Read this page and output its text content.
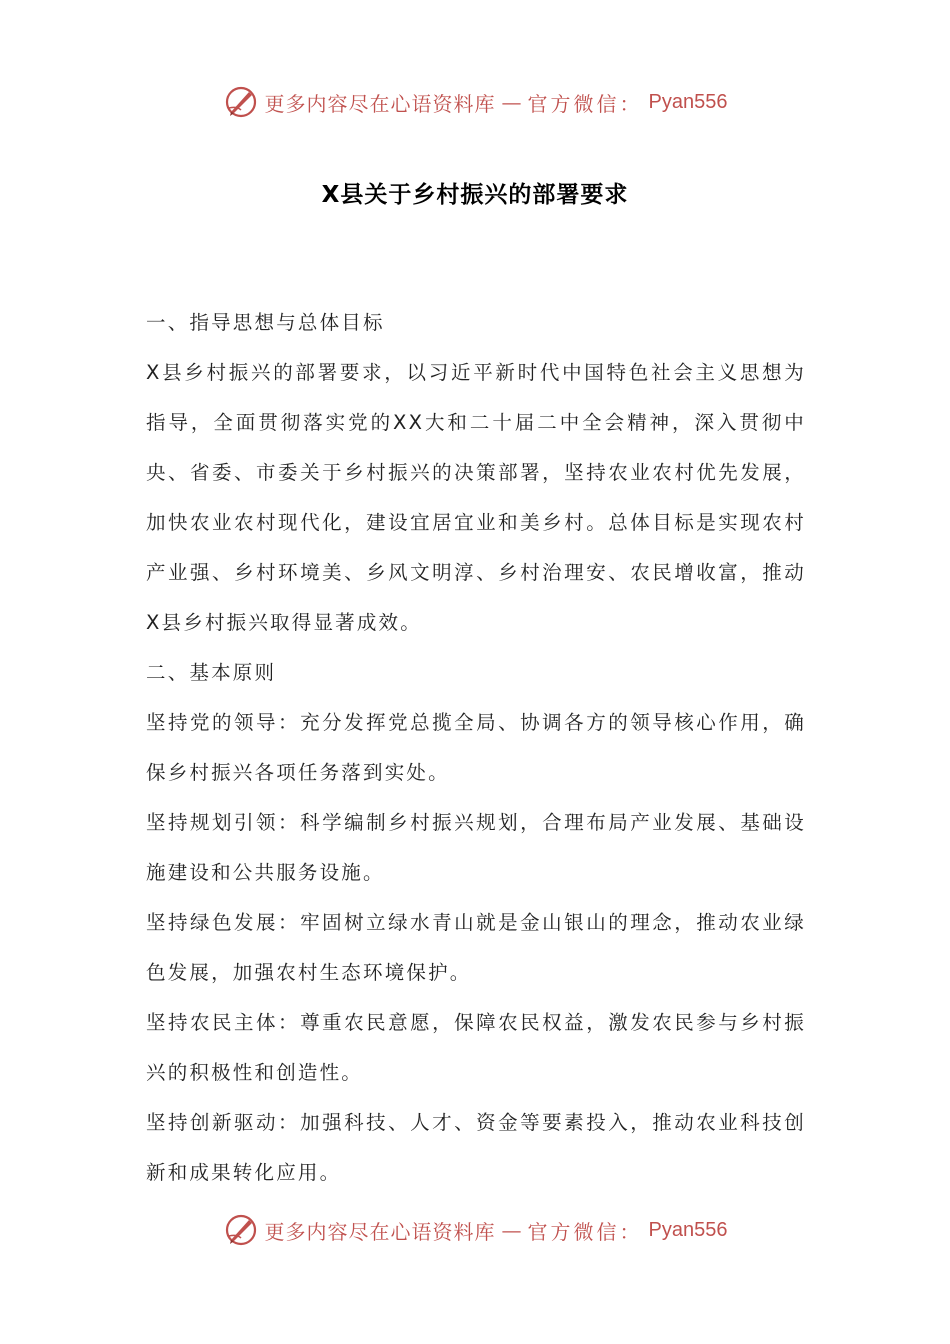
更多内容尽在心语资料库 — 官方微信： Pyan556
X县关于乡村振兴的部署要求

一、指导思想与总体目标

X县乡村振兴的部署要求，以习近平新时代中国特色社会主义思想为指导，全面贯彻落实党的XX大和二十届二中全会精神，深入贯彻中央、省委、市委关于乡村振兴的决策部署，坚持农业农村优先发展，加快农业农村现代化，建设宜居宜业和美乡村。总体目标是实现农村产业强、乡村环境美、乡风文明淳、乡村治理安、农民增收富，推动X县乡村振兴取得显著成效。

二、基本原则

坚持党的领导：充分发挥党总揽全局、协调各方的领导核心作用，确保乡村振兴各项任务落到实处。

坚持规划引领：科学编制乡村振兴规划，合理布局产业发展、基础设施建设和公共服务设施。

坚持绿色发展：牢固树立绿水青山就是金山银山的理念，推动农业绿色发展，加强农村生态环境保护。

坚持农民主体：尊重农民意愿，保障农民权益，激发农民参与乡村振兴的积极性和创造性。

坚持创新驱动：加强科技、人才、资金等要素投入，推动农业科技创新和成果转化应用。

更多内容尽在心语资料库 — 官方微信： Pyan556
